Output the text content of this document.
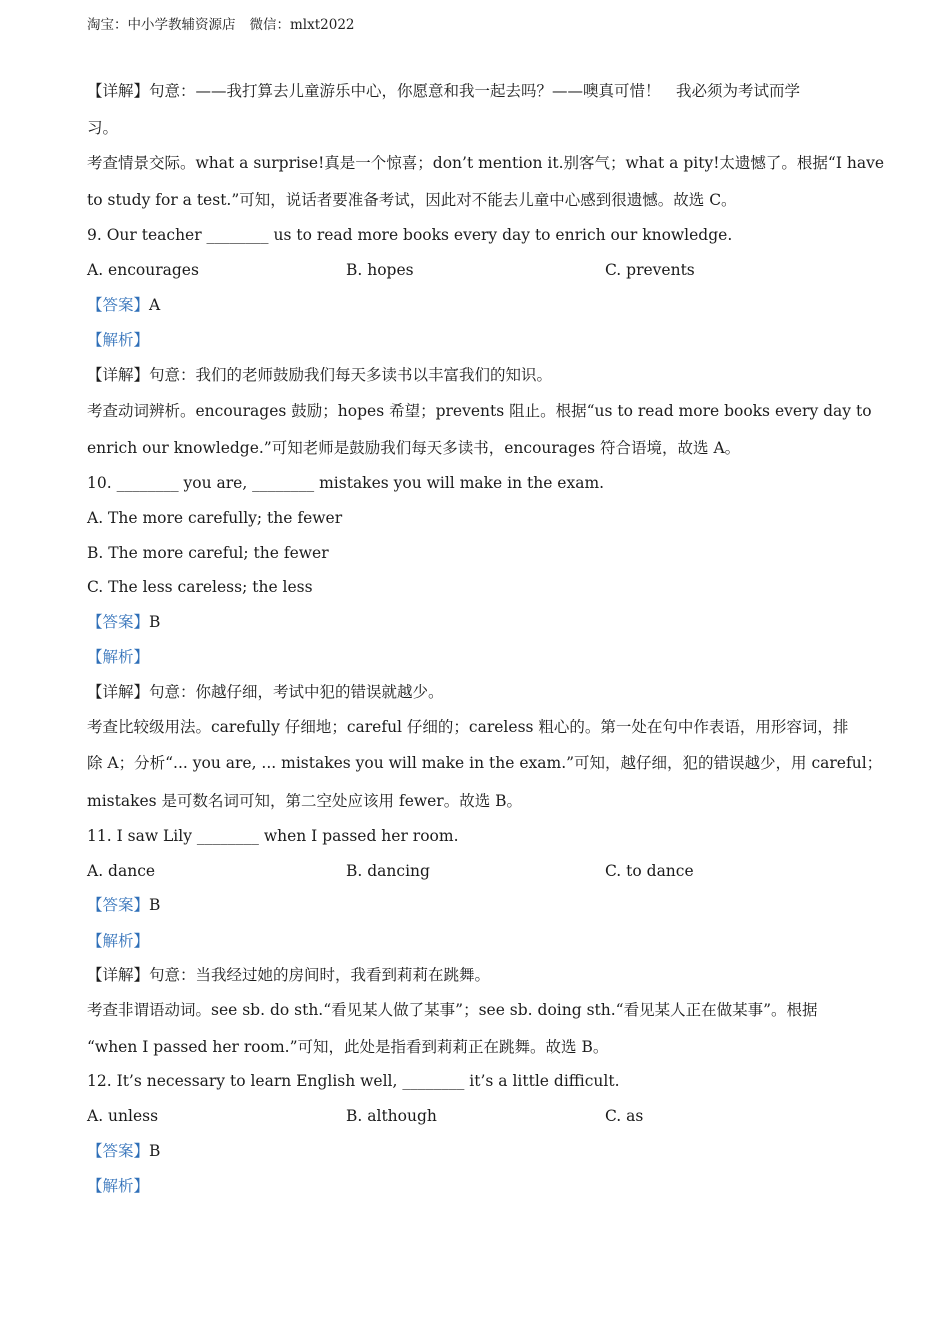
淘宝：中小学教辅资源店 微信：mlxt2022
【详解】句意：——我打算去儿童游乐中心，你愿意和我一起去吗？——噢真可惜！　我必须为考试而学
习。
考查情景交际。what a surprise!真是一个惊喜；don’t mention it.别客气；what a pity!太遗憾了。根据“I have
to study for a test.”可知，说话者要准备考试，因此对不能去儿童中心感到很遗憾。故选 C。
9. Our teacher ________ us to read more books every day to enrich our knowledge.
A. encourages	B. hopes	C. prevents
【答案】A
【解析】
【详解】句意：我们的老师鼓励我们每天多读书以丰富我们的知识。
考查动词辨析。encourages 鼓励；hopes 希望；prevents 阻止。根据“us to read more books every day to
enrich our knowledge.”可知老师是鼓励我们每天多读书，encourages 符合语境，故选 A。
10. ________ you are, ________ mistakes you will make in the exam.
A. The more carefully; the fewer
B. The more careful; the fewer
C. The less careless; the less
【答案】B
【解析】
【详解】句意：你越仔细，考试中犯的错误就越少。
考查比较级用法。carefully 仔细地；careful 仔细的；careless 粗心的。第一处在句中作表语，用形容词，排
除 A；分析“... you are, ... mistakes you will make in the exam.”可知，越仔细，犯的错误越少，用 careful；
mistakes 是可数名词可知，第二空处应该用 fewer。故选 B。
11. I saw Lily ________ when I passed her room.
A. dance	B. dancing	C. to dance
【答案】B
【解析】
【详解】句意：当我经过她的房间时，我看到莉莉在跳舞。
考查非谓语动词。see sb. do sth.“看见某人做了某事”；see sb. doing sth.“看见某人正在做某事”。根据
“when I passed her room.”可知，此处是指看到莉莉正在跳舞。故选 B。
12. It’s necessary to learn English well, ________ it’s a little difficult.
A. unless	B. although	C. as
【答案】B
【解析】
